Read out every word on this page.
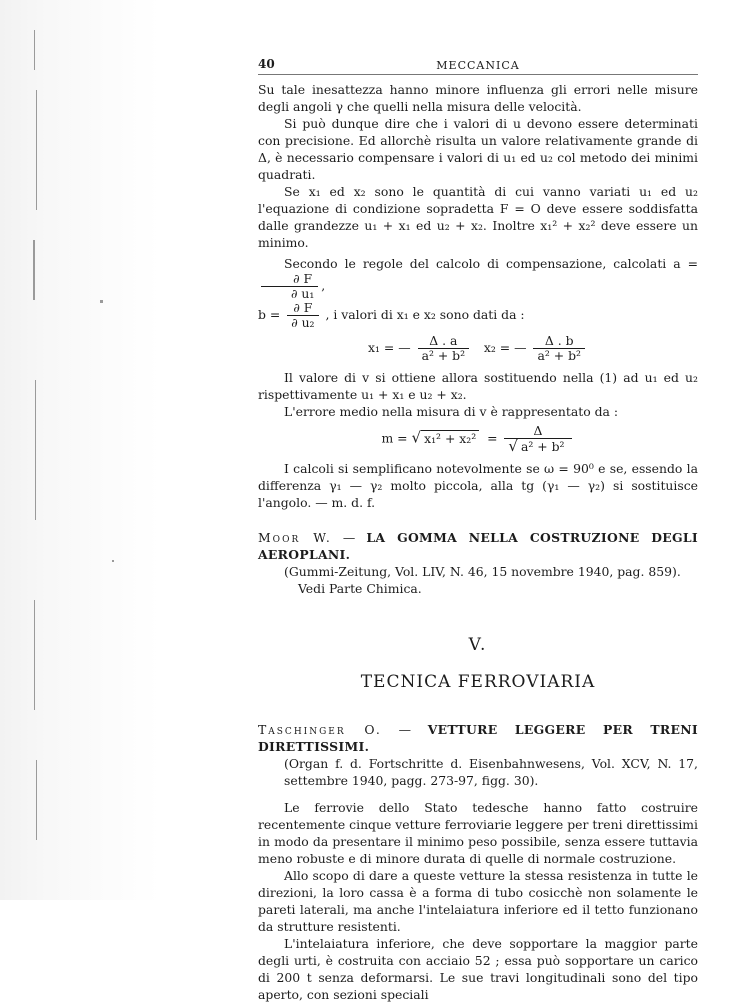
40	MECCANICA

Su tale inesattezza hanno minore influenza gli errori nelle misure degli angoli γ che quelli nella misura delle velocità.

Si può dunque dire che i valori di u devono essere determinati con precisione. Ed allorchè risulta un valore relativamente grande di Δ, è necessario compensare i valori di u₁ ed u₂ col metodo dei minimi quadrati.

Se x₁ ed x₂ sono le quantità di cui vanno variati u₁ ed u₂ l'equazione di condizione sopradetta F = O deve essere soddisfatta dalle grandezze u₁ + x₁ ed u₂ + x₂. Inoltre x₁² + x₂² deve essere un minimo.

Secondo le regole del calcolo di compensazione, calcolati a =
$\frac{\partial F}{\text{∂ u₁}}$ ,

$b = \frac{\partial F}{\text{∂ u₂}}$ , i valori di x₁ e x₂ sono dati da :

x₁ = — $\frac{\Delta . a}{\text{a² + b²}} x_2$ = — $\frac{\Delta . b}{\text{a² + b²}}$

Il valore di v si ottiene allora sostituendo nella (1) ad u₁ ed u₂ rispettivamente u₁ + x₁ e u₂ + x₂.

L'errore medio nella misura di v è rappresentato da :

m = √ $x_1^2 + x_2^2 = \frac{\Delta}{\text{√ a² + b²}}$

I calcoli si semplificano notevolmente se ω = 90⁰ e se, essendo la differenza γ₁ — γ₂ molto piccola, alla tg (γ₁ — γ₂) si sostituisce l'angolo. — m. d. f.

Moor W. — LA GOMMA NELLA COSTRUZIONE DEGLI AEROPLANI.

(Gummi-Zeitung, Vol. LIV, N. 46, 15 novembre 1940, pag. 859).

Vedi Parte Chimica.

V.
TECNICA FERROVIARIA

Taschinger O. — VETTURE LEGGERE PER TRENI DIRETTISSIMI.

(Organ f. d. Fortschritte d. Eisenbahnwesens, Vol. XCV, N. 17, settembre 1940, pagg. 273-97, figg. 30).

Le ferrovie dello Stato tedesche hanno fatto costruire recentemente cinque vetture ferroviarie leggere per treni direttissimi in modo da presentare il minimo peso possibile, senza essere tuttavia meno robuste e di minore durata di quelle di normale costruzione.

Allo scopo di dare a queste vetture la stessa resistenza in tutte le direzioni, la loro cassa è a forma di tubo cosicchè non solamente le pareti laterali, ma anche l'intelaiatura inferiore ed il tetto funzionano da strutture resistenti.

L'intelaiatura inferiore, che deve sopportare la maggior parte degli urti, è costruita con acciaio 52 ; essa può sopportare un carico di 200 t senza deformarsi. Le sue travi longitudinali sono del tipo aperto, con sezioni speciali
